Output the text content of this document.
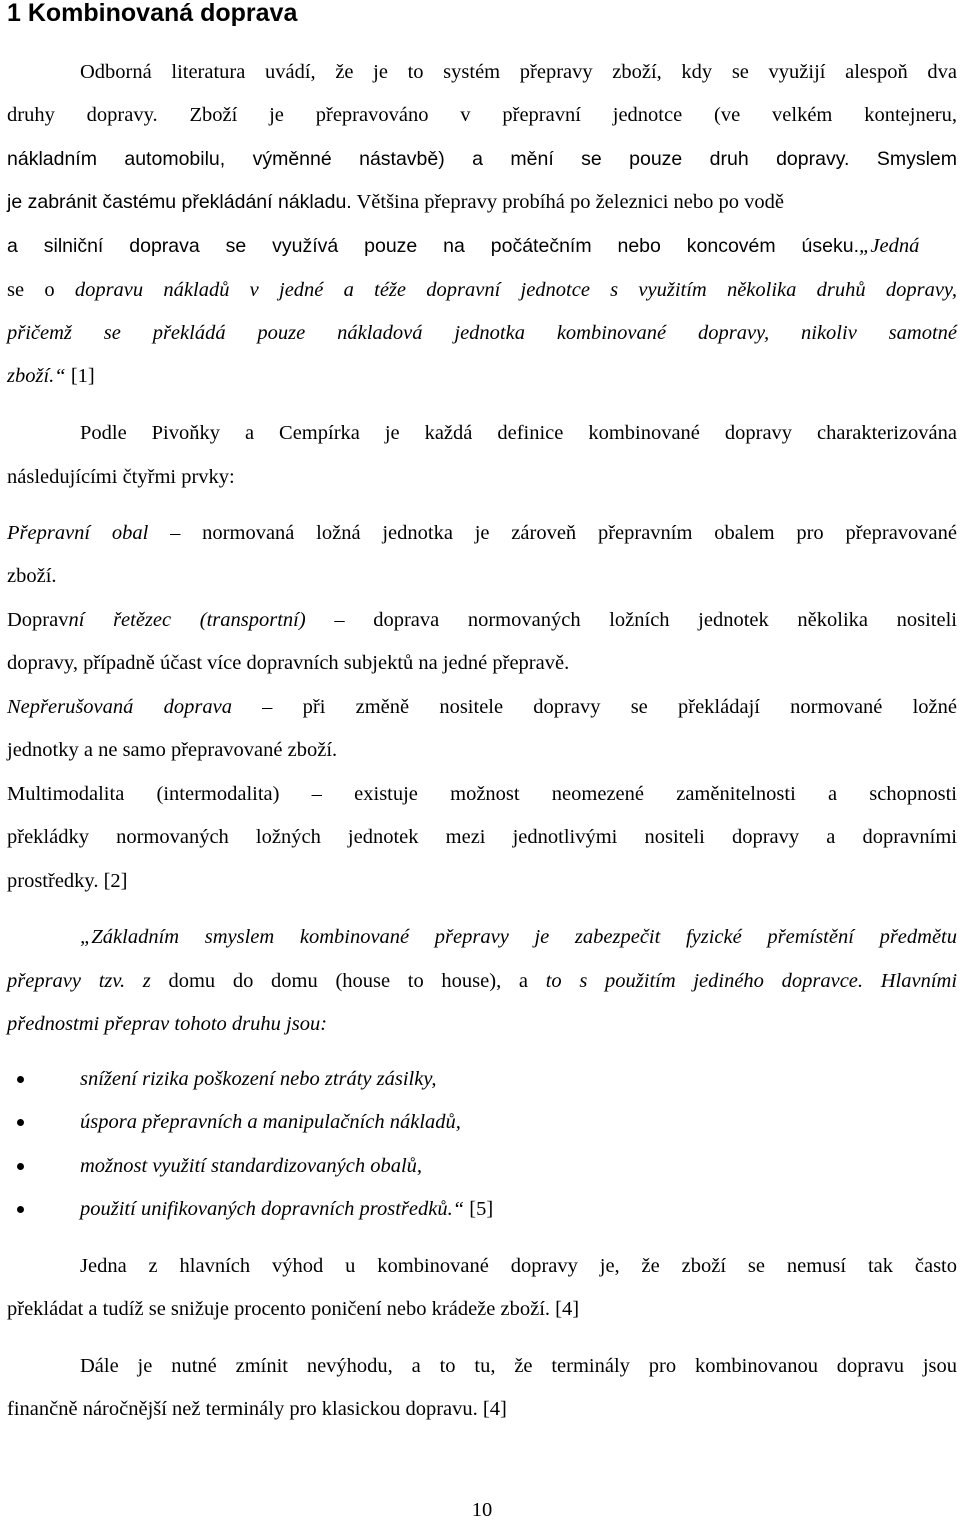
1 Kombinovaná doprava
Odborná literatura uvádí, že je to systém přepravy zboží, kdy se využijí alespoň dva
druhy dopravy. Zboží je přepravováno v přepravní jednotce (ve velkém kontejneru,
nákladním automobilu, výměnné nástavbě) a mění se pouze druh dopravy. Smyslem
je zabránit častému překládání nákladu. Většina přepravy probíhá po železnici nebo po vodě
a silniční doprava se využívá pouze na počátečním nebo koncovém úseku.„Jedná
se o dopravu nákladů v jedné a téže dopravní jednotce s využitím několika druhů dopravy,
přičemž se překládá pouze nákladová jednotka kombinované dopravy, nikoliv samotné
zboží.“ [1]
Podle Pivoňky a Cempírka je každá definice kombinované dopravy charakterizována
následujícími čtyřmi prvky:
Přepravní obal – normovaná ložná jednotka je zároveň přepravním obalem pro přepravované
zboží.
Dopravní řetězec (transportní) – doprava normovaných ložních jednotek několika nositeli
dopravy, případně účast více dopravních subjektů na jedné přepravě.
Nepřerušovaná doprava – při změně nositele dopravy se překládají normované ložné
jednotky a ne samo přepravované zboží.
Multimodalita (intermodalita) – existuje možnost neomezené zaměnitelnosti a schopnosti
překládky normovaných ložných jednotek mezi jednotlivými nositeli dopravy a dopravními
prostředky. [2]
„Základním smyslem kombinované přepravy je zabezpečit fyzické přemístění předmětu
přepravy tzv. z domu do domu (house to house), a to s použitím jediného dopravce. Hlavními
přednostmi přeprav tohoto druhu jsou:
snížení rizika poškození nebo ztráty zásilky,
úspora přepravních a manipulačních nákladů,
možnost využití standardizovaných obalů,
použití unifikovaných dopravních prostředků.“ [5]
Jedna z hlavních výhod u kombinované dopravy je, že zboží se nemusí tak často
překládat a tudíž se snižuje procento poničení nebo krádeže zboží. [4]
Dále je nutné zmínit nevýhodu, a to tu, že terminály pro kombinovanou dopravu jsou
finančně náročnější než terminály pro klasickou dopravu. [4]
10
